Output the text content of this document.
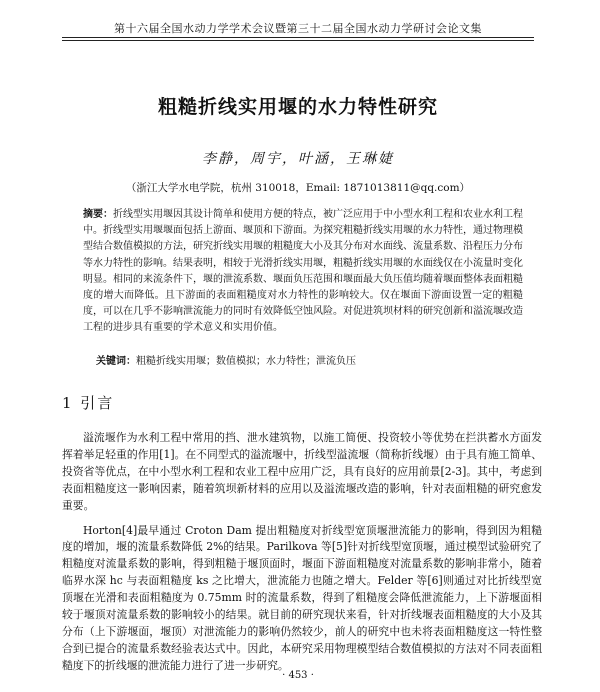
第十六届全国水动力学学术会议暨第三十二届全国水动力学研讨会论文集
粗糙折线实用堰的水力特性研究
李静，周宇，叶涵，王琳婕
（浙江大学水电学院，杭州 310018，Email: 1871013811@qq.com）

摘要：折线型实用堰因其设计简单和使用方便的特点，被广泛应用于中小型水利工程和农业水利工程中。折线型实用堰堰面包括上游面、堰顶和下游面。为探究粗糙折线实用堰的水力特性，通过物理模型结合数值模拟的方法，研究折线实用堰的粗糙度大小及其分布对水面线、流量系数、沿程压力分布等水力特性的影响。结果表明，相较于光滑折线实用堰，粗糙折线实用堰的水面线仅在小流量时变化明显。相同的来流条件下，堰的泄流系数、堰面负压范围和堰面最大负压值均随着堰面整体表面粗糙度的增大而降低。且下游面的表面粗糙度对水力特性的影响较大。仅在堰面下游面设置一定的粗糙度，可以在几乎不影响泄流能力的同时有效降低空蚀风险。对促进筑坝材料的研究创新和溢流堰改造工程的进步具有重要的学术意义和实用价值。

关键词：粗糙折线实用堰；数值模拟；水力特性；泄流负压

1 引言

溢流堰作为水利工程中常用的挡、泄水建筑物，以施工简便、投资较小等优势在拦洪蓄水方面发挥着举足轻重的作用[1]。在不同型式的溢流堰中，折线型溢流堰（简称折线堰）由于具有施工简单、投资省等优点，在中小型水利工程和农业工程中应用广泛，具有良好的应用前景[2-3]。其中，考虑到表面粗糙度这一影响因素，随着筑坝新材料的应用以及溢流堰改造的影响，针对表面粗糙的研究愈发重要。

Horton[4]最早通过 Croton Dam 提出粗糙度对折线型宽顶堰泄流能力的影响，得到因为粗糙度的增加，堰的流量系数降低 2%的结果。Parilkova 等[5]针对折线型宽顶堰，通过模型试验研究了粗糙度对流量系数的影响，得到粗糙于堰顶面时，堰面下游面粗糙度对流量系数的影响非常小，随着临界水深 hc 与表面粗糙度 ks 之比增大，泄流能力也随之增大。Felder 等[6]则通过对比折线型宽顶堰在光滑和表面粗糙度为 0.75mm 时的流量系数，得到了粗糙度会降低泄流能力，上下游堰面相较于堰顶对流量系数的影响较小的结果。就目前的研究现状来看，针对折线堰表面粗糙度的大小及其分布（上下游堰面，堰顶）对泄流能力的影响仍然较少，前人的研究中也未将表面粗糙度这一特性整合到已提合的流量系数经验表达式中。因此，本研究采用物理模型结合数值模拟的方法对不同表面粗糙度下的折线堰的泄流能力进行了进一步研究。

· 453 ·
